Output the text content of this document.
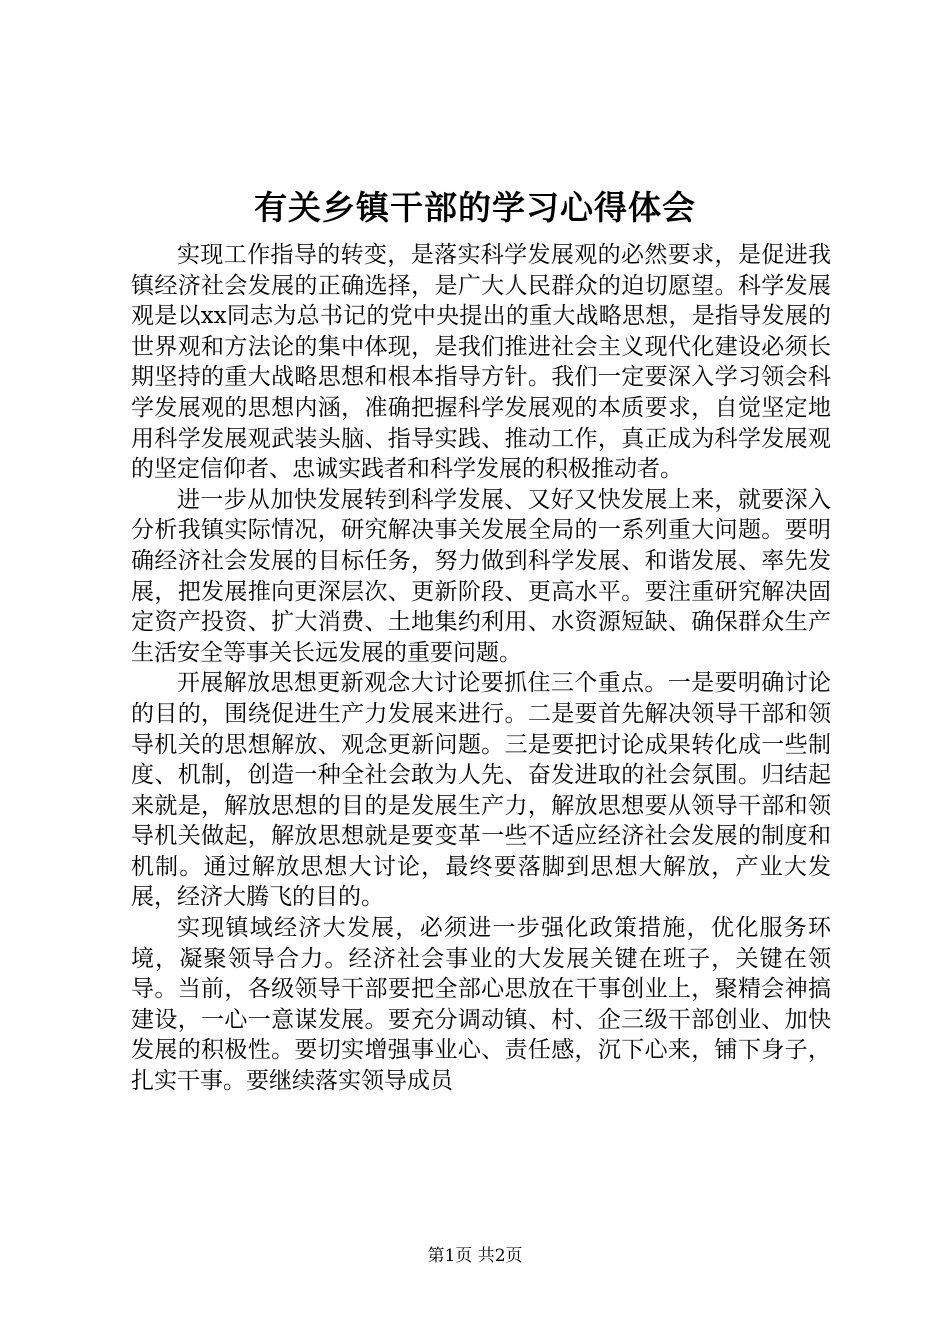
有关乡镇干部的学习心得体会

实现工作指导的转变，是落实科学发展观的必然要求，是促进我镇经济社会发展的正确选择，是广大人民群众的迫切愿望。科学发展观是以xx同志为总书记的党中央提出的重大战略思想，是指导发展的世界观和方法论的集中体现，是我们推进社会主义现代化建设必须长期坚持的重大战略思想和根本指导方针。我们一定要深入学习领会科学发展观的思想内涵，准确把握科学发展观的本质要求，自觉坚定地用科学发展观武装头脑、指导实践、推动工作，真正成为科学发展观的坚定信仰者、忠诚实践者和科学发展的积极推动者。

进一步从加快发展转到科学发展、又好又快发展上来，就要深入分析我镇实际情况，研究解决事关发展全局的一系列重大问题。要明确经济社会发展的目标任务，努力做到科学发展、和谐发展、率先发展，把发展推向更深层次、更新阶段、更高水平。要注重研究解决固定资产投资、扩大消费、土地集约利用、水资源短缺、确保群众生产生活安全等事关长远发展的重要问题。

开展解放思想更新观念大讨论要抓住三个重点。一是要明确讨论的目的，围绕促进生产力发展来进行。二是要首先解决领导干部和领导机关的思想解放、观念更新问题。三是要把讨论成果转化成一些制度、机制，创造一种全社会敢为人先、奋发进取的社会氛围。归结起来就是，解放思想的目的是发展生产力，解放思想要从领导干部和领导机关做起，解放思想就是要变革一些不适应经济社会发展的制度和机制。通过解放思想大讨论，最终要落脚到思想大解放，产业大发展，经济大腾飞的目的。

实现镇域经济大发展，必须进一步强化政策措施，优化服务环境，凝聚领导合力。经济社会事业的大发展关键在班子，关键在领导。当前，各级领导干部要把全部心思放在干事创业上，聚精会神搞建设，一心一意谋发展。要充分调动镇、村、企三级干部创业、加快发展的积极性。要切实增强事业心、责任感，沉下心来，铺下身子，扎实干事。要继续落实领导成员

第1页 共2页
